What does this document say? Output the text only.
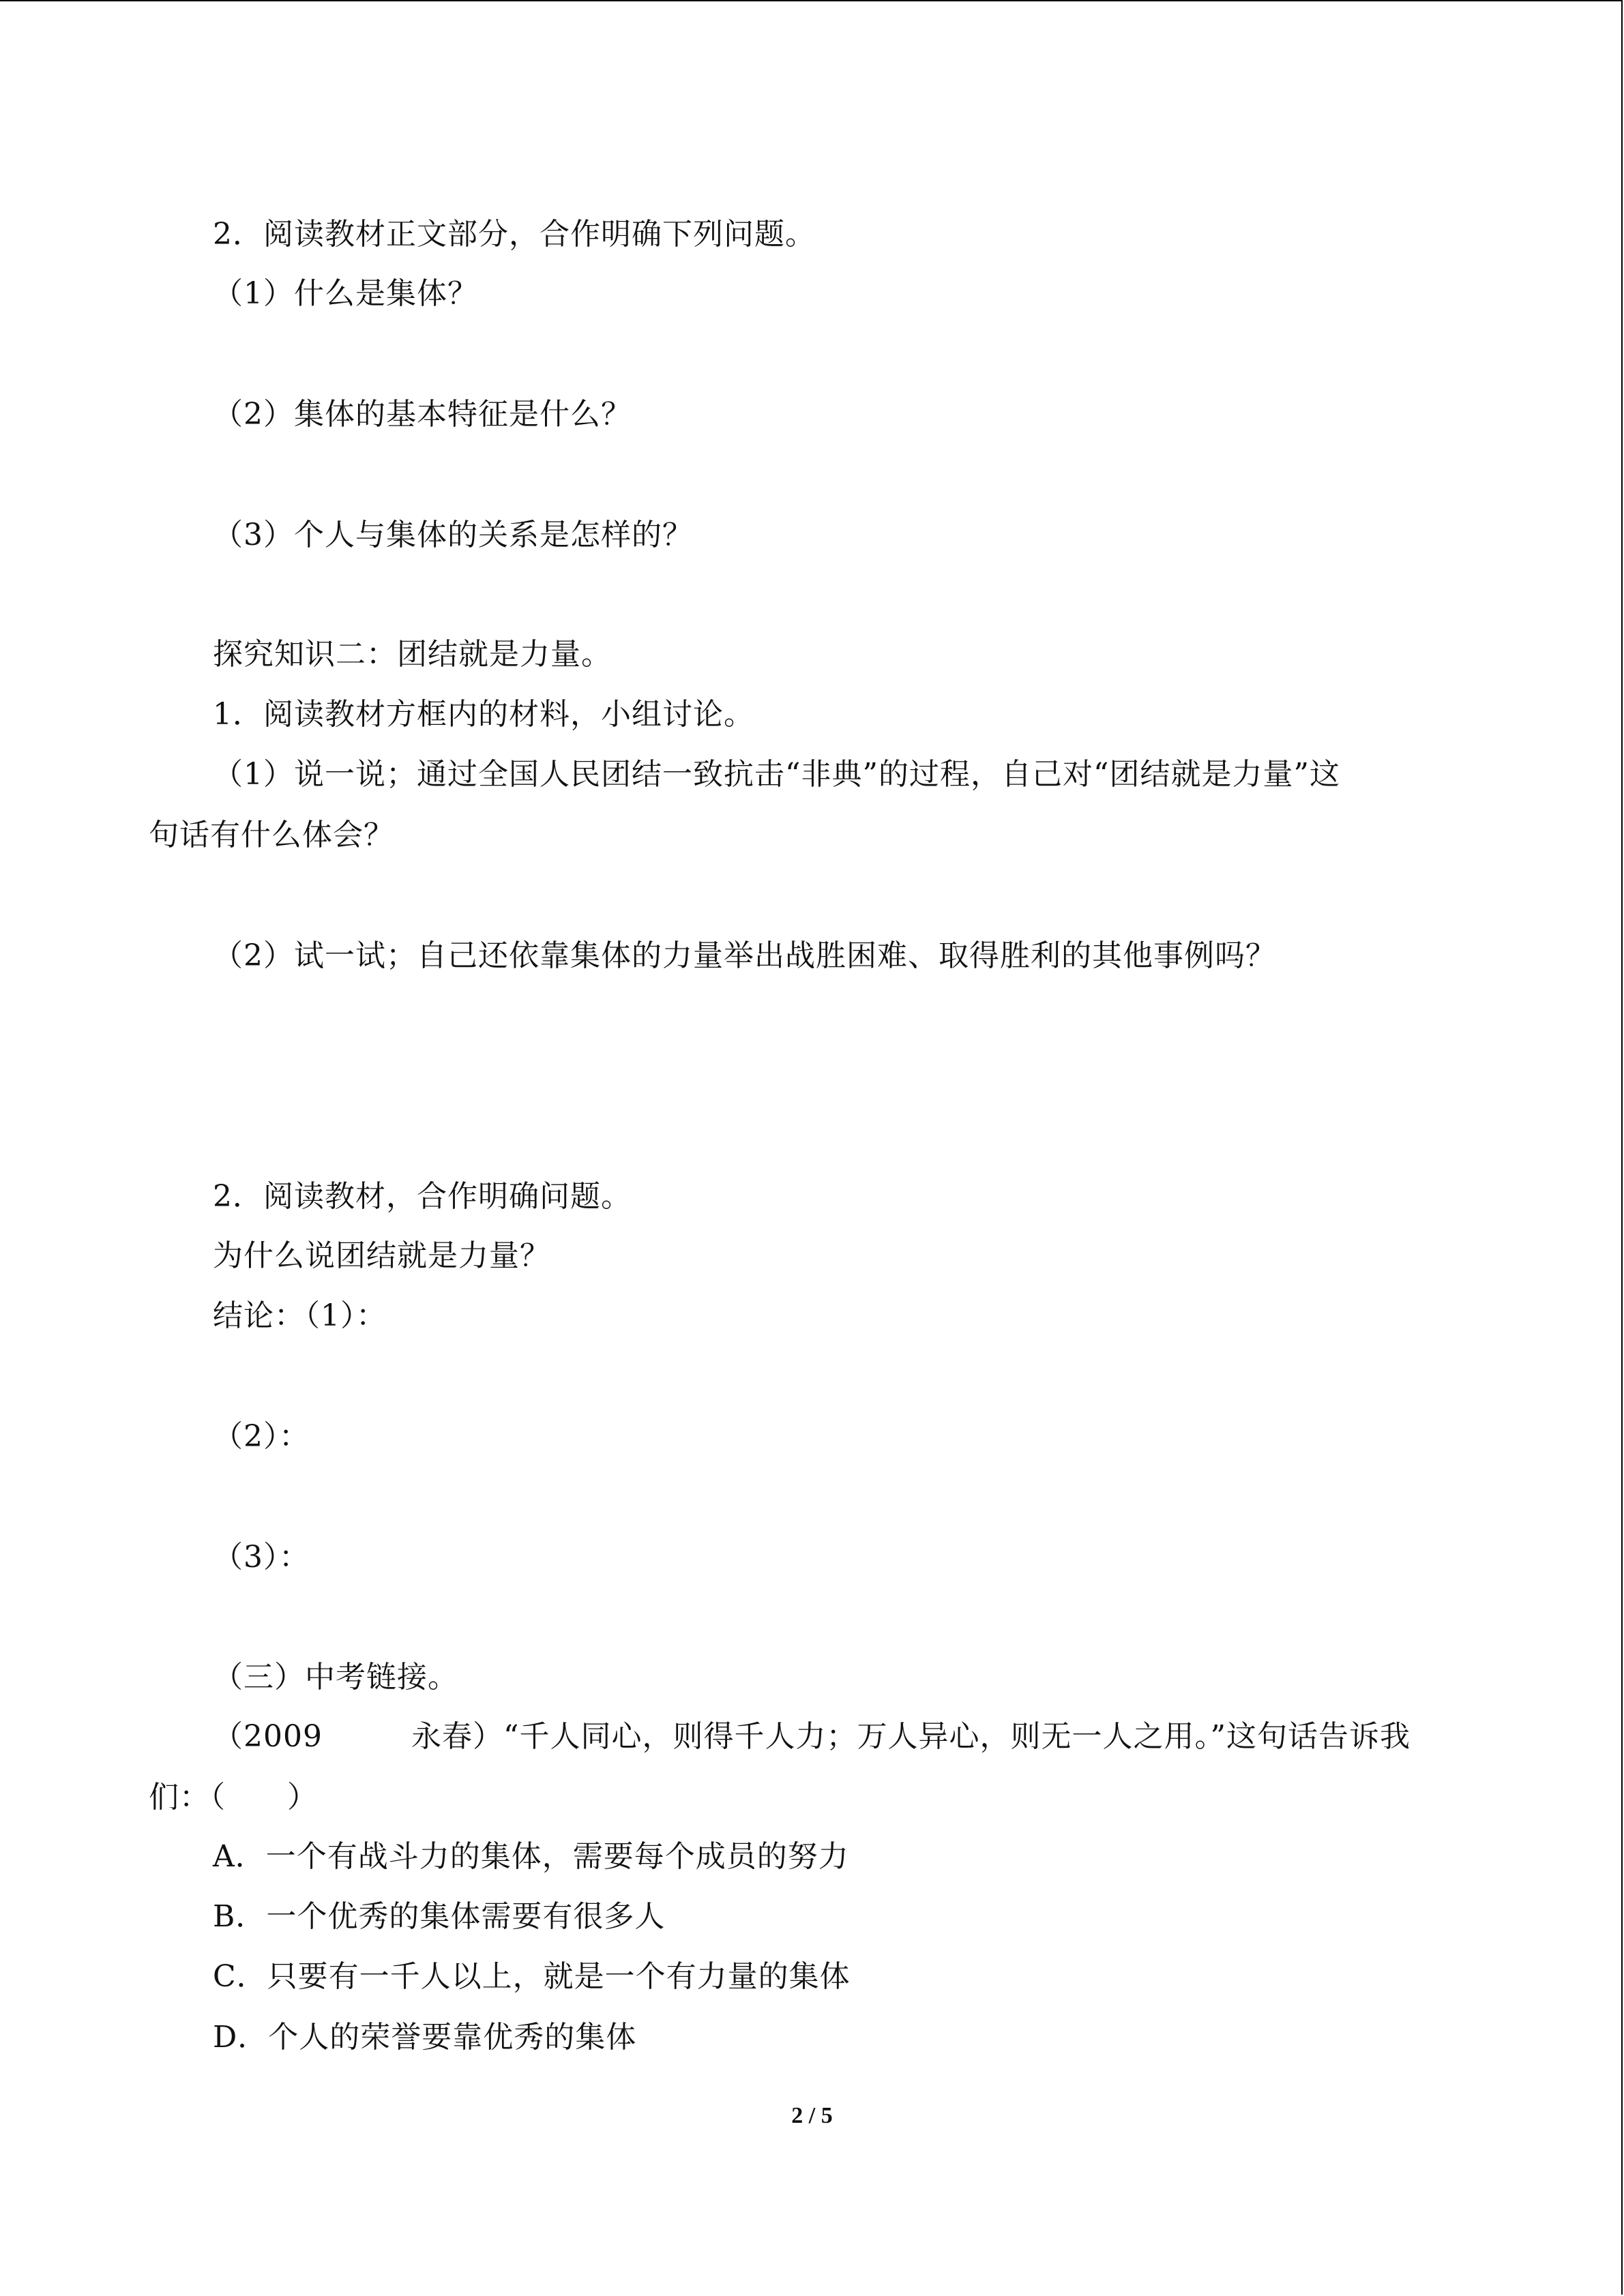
2．阅读教材正文部分，合作明确下列问题。
（1）什么是集体？
（2）集体的基本特征是什么？
（3）个人与集体的关系是怎样的？
探究知识二：团结就是力量。
1．阅读教材方框内的材料，小组讨论。
（1）说一说；通过全国人民团结一致抗击“非典”的过程，自己对“团结就是力量”这
句话有什么体会？
（2）试一试；自己还依靠集体的力量举出战胜困难、取得胜利的其他事例吗？
2．阅读教材，合作明确问题。
为什么说团结就是力量？
结论：（1）：
（2）：
（3）：
（三）中考链接。
（2009	永春）“千人同心，则得千人力；万人异心，则无一人之用。”这句话告诉我
们：（　　）
A．一个有战斗力的集体，需要每个成员的努力
B．一个优秀的集体需要有很多人
C．只要有一千人以上，就是一个有力量的集体
D．个人的荣誉要靠优秀的集体
2 / 5
